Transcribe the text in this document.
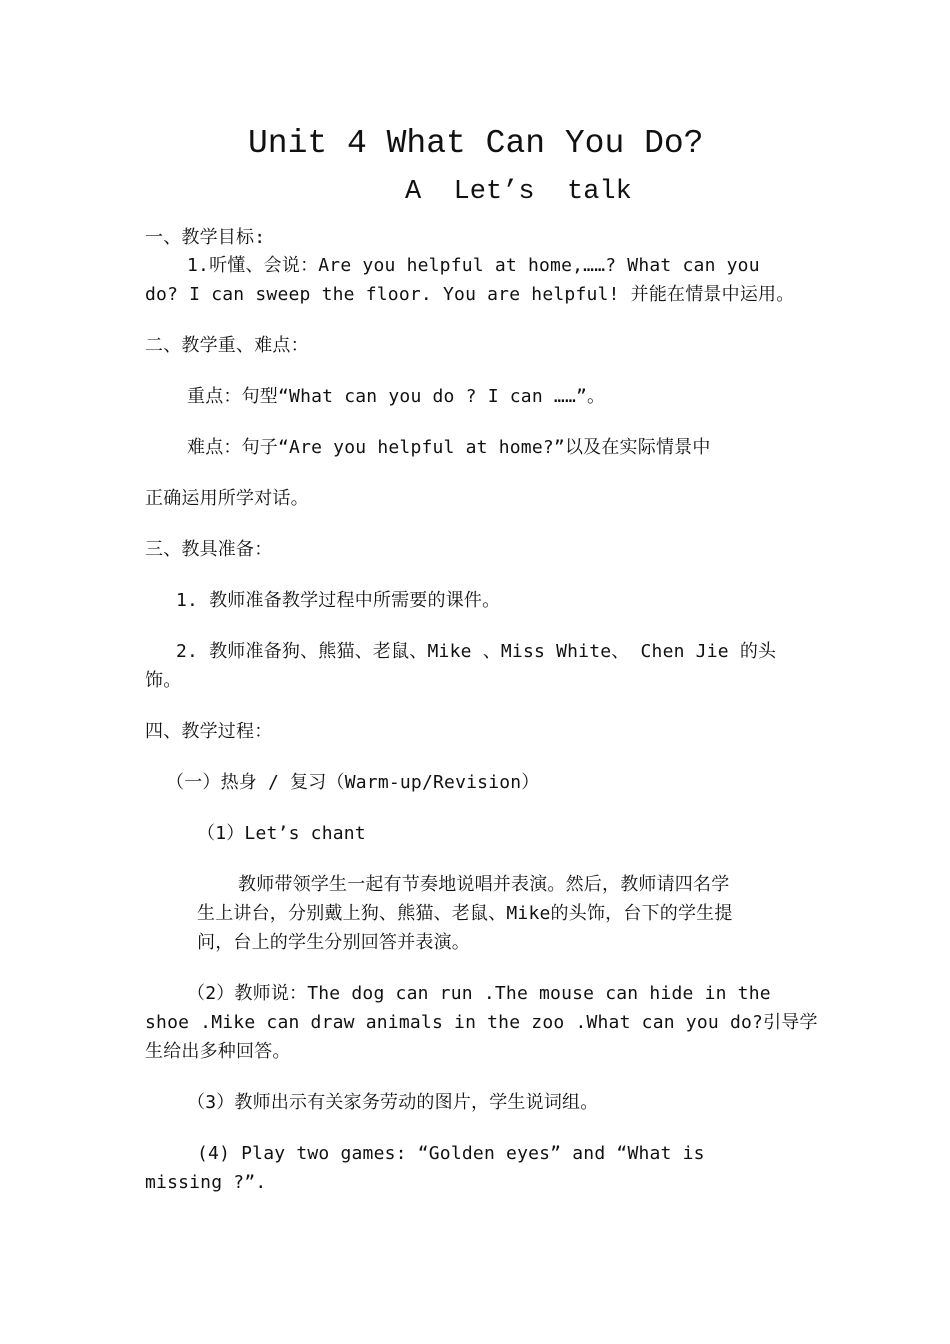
Unit 4 What Can You Do?
A  Let’s  talk
一、教学目标:
1.听懂、会说：Are you helpful at home,……? What can you
do? I can sweep the floor. You are helpful! 并能在情景中运用。
二、教学重、难点：
重点：句型“What can you do ? I can ……”。
难点：句子“Are you helpful at home?”以及在实际情景中
正确运用所学对话。
三、教具准备：
1. 教师准备教学过程中所需要的课件。
2. 教师准备狗、熊猫、老鼠、Mike 、Miss White、 Chen Jie 的头
饰。
四、教学过程：
（一）热身 / 复习（Warm-up/Revision）
（1）Let’s chant
教师带领学生一起有节奏地说唱并表演。然后，教师请四名学
生上讲台，分别戴上狗、熊猫、老鼠、Mike的头饰，台下的学生提
问，台上的学生分别回答并表演。
（2）教师说：The dog can run .The mouse can hide in the
shoe .Mike can draw animals in the zoo .What can you do?引导学
生给出多种回答。
（3）教师出示有关家务劳动的图片，学生说词组。
(4) Play two games: “Golden eyes” and “What is
missing ?”.
